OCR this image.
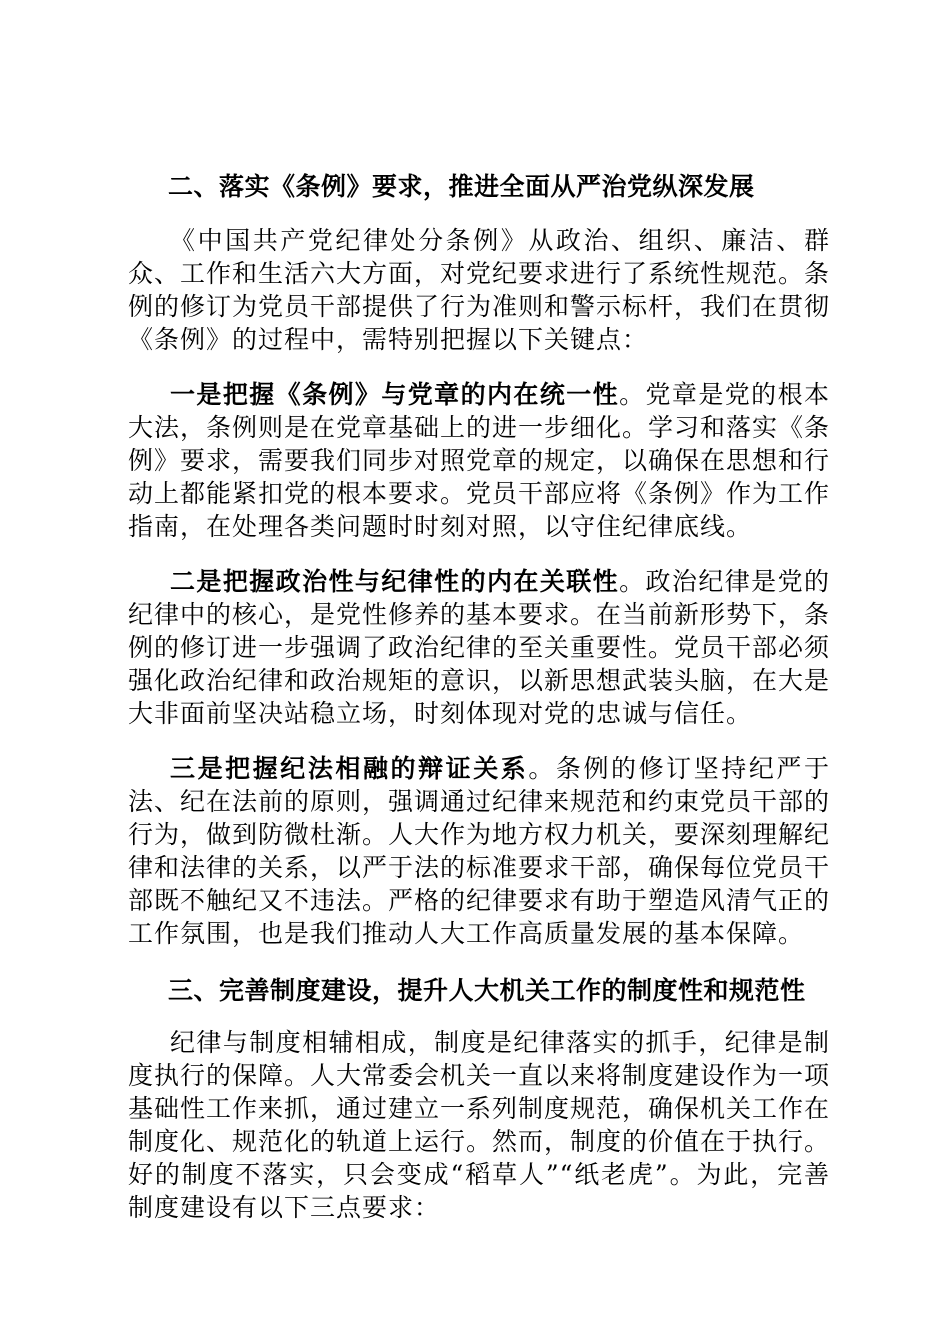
二、落实《条例》要求，推进全面从严治党纵深发展

《中国共产党纪律处分条例》从政治、组织、廉洁、群众、工作和生活六大方面，对党纪要求进行了系统性规范。条例的修订为党员干部提供了行为准则和警示标杆，我们在贯彻《条例》的过程中，需特别把握以下关键点：

一是把握《条例》与党章的内在统一性。党章是党的根本大法，条例则是在党章基础上的进一步细化。学习和落实《条例》要求，需要我们同步对照党章的规定，以确保在思想和行动上都能紧扣党的根本要求。党员干部应将《条例》作为工作指南，在处理各类问题时时刻对照，以守住纪律底线。

二是把握政治性与纪律性的内在关联性。政治纪律是党的纪律中的核心，是党性修养的基本要求。在当前新形势下，条例的修订进一步强调了政治纪律的至关重要性。党员干部必须强化政治纪律和政治规矩的意识，以新思想武装头脑，在大是大非面前坚决站稳立场，时刻体现对党的忠诚与信任。

三是把握纪法相融的辩证关系。条例的修订坚持纪严于法、纪在法前的原则，强调通过纪律来规范和约束党员干部的行为，做到防微杜渐。人大作为地方权力机关，要深刻理解纪律和法律的关系，以严于法的标准要求干部，确保每位党员干部既不触纪又不违法。严格的纪律要求有助于塑造风清气正的工作氛围，也是我们推动人大工作高质量发展的基本保障。

三、完善制度建设，提升人大机关工作的制度性和规范性

纪律与制度相辅相成，制度是纪律落实的抓手，纪律是制度执行的保障。人大常委会机关一直以来将制度建设作为一项基础性工作来抓，通过建立一系列制度规范，确保机关工作在制度化、规范化的轨道上运行。然而，制度的价值在于执行。好的制度不落实，只会变成“稻草人”“纸老虎”。为此，完善制度建设有以下三点要求：
